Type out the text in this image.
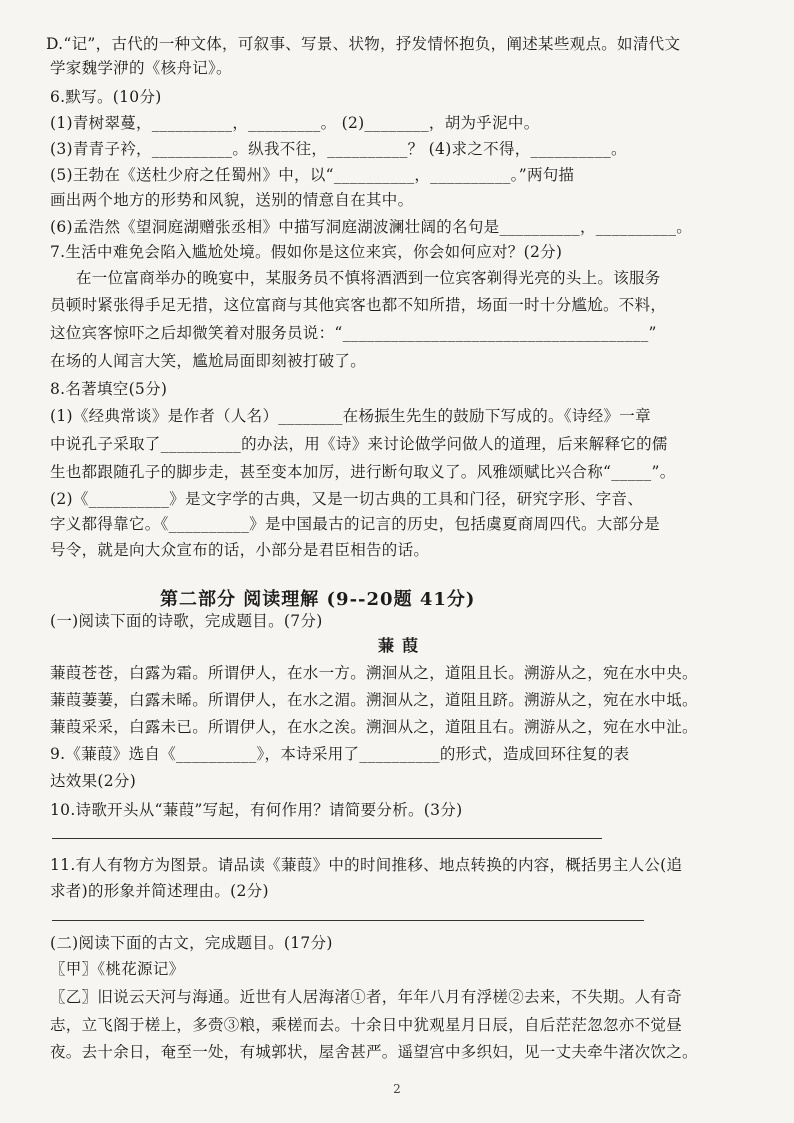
D.“记”，古代的一种文体，可叙事、写景、状物，抒发情怀抱负，阐述某些观点。如清代文

学家魏学洢的《核舟记》。

6.默写。(10分)

(1)青树翠蔓，__________，_________。 (2)________，胡为乎泥中。

(3)青青子衿，__________。纵我不往，__________？ (4)求之不得，__________。

(5)王勃在《送杜少府之任蜀州》中，以“__________，__________。”两句描

画出两个地方的形势和风貌，送别的情意自在其中。

(6)孟浩然《望洞庭湖赠张丞相》中描写洞庭湖波澜壮阔的名句是__________，__________。

7.生活中难免会陷入尴尬处境。假如你是这位来宾，你会如何应对？(2分)

在一位富商举办的晚宴中，某服务员不慎将酒洒到一位宾客剃得光亮的头上。该服务

员顿时紧张得手足无措，这位富商与其他宾客也都不知所措，场面一时十分尴尬。不料，

这位宾客惊吓之后却微笑着对服务员说：“______________________________________”

在场的人闻言大笑，尴尬局面即刻被打破了。

8.名著填空(5分)

(1)《经典常谈》是作者（人名）________在杨振生先生的鼓励下写成的。《诗经》一章

中说孔子采取了__________的办法，用《诗》来讨论做学问做人的道理，后来解释它的儒

生也都跟随孔子的脚步走，甚至变本加厉，进行断句取义了。风雅颂赋比兴合称“_____”。

(2)《__________》是文字学的古典，又是一切古典的工具和门径，研究字形、字音、

字义都得靠它。《__________》是中国最古的记言的历史，包括虞夏商周四代。大部分是

号令，就是向大众宣布的话，小部分是君臣相告的话。

第二部分 阅读理解 (9--20题 41分)

(一)阅读下面的诗歌，完成题目。(7分)

蒹葭

蒹葭苍苍，白露为霜。所谓伊人，在水一方。溯洄从之，道阻且长。溯游从之，宛在水中央。

蒹葭萋萋，白露未晞。所谓伊人，在水之湄。溯洄从之，道阻且跻。溯游从之，宛在水中坻。

蒹葭采采，白露未已。所谓伊人，在水之涘。溯洄从之，道阻且右。溯游从之，宛在水中沚。

9.《蒹葭》选自《__________》，本诗采用了__________的形式，造成回环往复的表

达效果(2分)

10.诗歌开头从“蒹葭”写起，有何作用？请简要分析。(3分)

11.有人有物方为图景。请品读《蒹葭》中的时间推移、地点转换的内容，概括男主人公(追

求者)的形象并简述理由。(2分)

(二)阅读下面的古文，完成题目。(17分)

〖甲〗《桃花源记》

〖乙〗旧说云天河与海通。近世有人居海渚①者，年年八月有浮槎②去来，不失期。人有奇

志，立飞阁于槎上，多赍③粮，乘槎而去。十余日中犹观星月日辰，自后茫茫忽忽亦不觉昼

夜。去十余日，奄至一处，有城郭状，屋舍甚严。遥望宫中多织妇，见一丈夫牵牛渚次饮之。

2
